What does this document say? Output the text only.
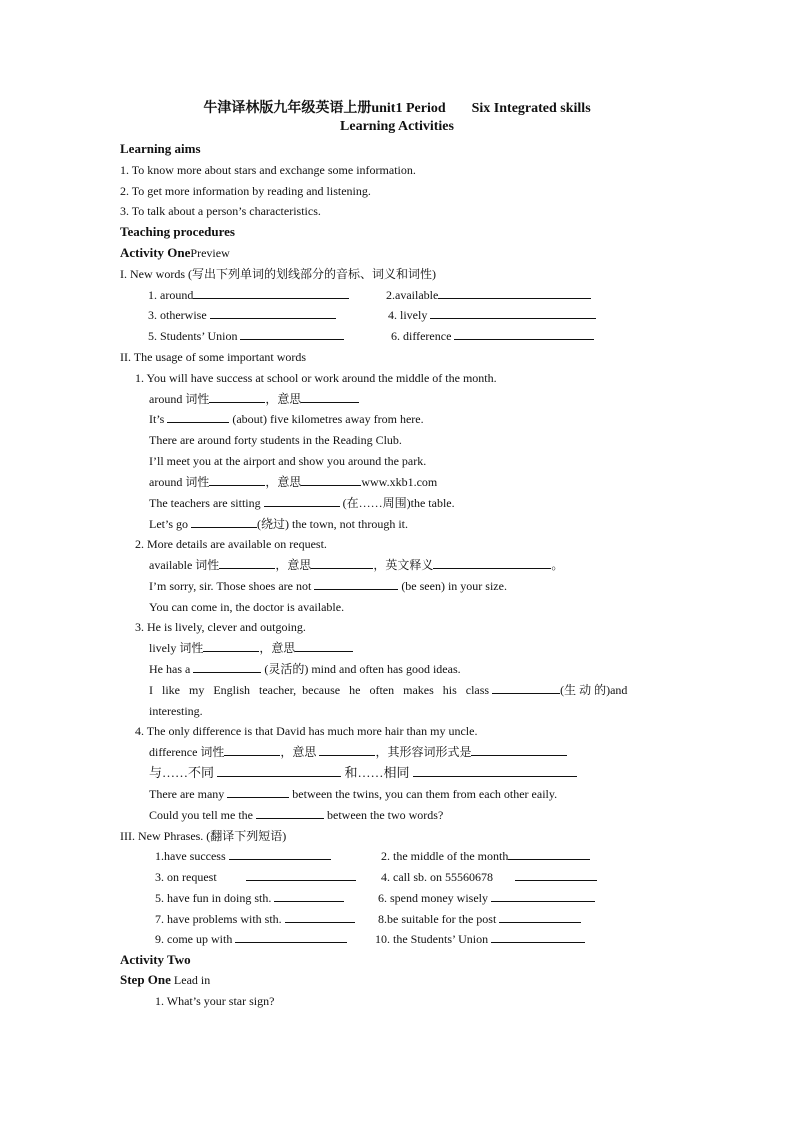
牛津译林版九年级英语上册unit1 Period Six Integrated skills
Learning Activities
Learning aims
1. To know more about stars and exchange some information.
2. To get more information by reading and listening.
3. To talk about a person’s characteristics.
Teaching procedures
Activity OnePreview
I. New words (写出下列单词的划线部分的音标、词义和词性)
1. around	2.available
3. otherwise	4. lively
5. Students’ Union	6. difference
II. The usage of some important words
1. You will have success at school or work around the middle of the month.
around 词性	，意思
It’s	(about) five kilometres away from here.
There are around forty students in the Reading Club.
I’ll meet you at the airport and show you around the park.
around 词性	，意思	www.xkb1.com
The teachers are sitting	(在……周围)the table.
Let’s go	(绕过) the town, not through it.
2. More details are available on request.
available 词性	，意思	，英文释义	。
I’m sorry, sir. Those shoes are not	(be seen) in your size.
You can come in, the doctor is available.
3. He is lively, clever and outgoing.
lively 词性	，意思
He has a	(灵活的) mind and often has good ideas.
I   like   my   English   teacher,  because   he   often   makes   his   class	(生 动 的)and
interesting.
4. The only difference is that David has much more hair than my uncle.
difference 词性	，意思	，其形容词形式是
与……不同	和……相同
There are many	between the twins, you can them from each other eaily.
Could you tell me the	between the two words?
III. New Phrases. (翻译下列短语)
1.have success	2. the middle of the month
3. on request	4. call sb. on 55560678
5. have fun in doing sth.	6. spend money wisely
7. have problems with sth.	8.be suitable for the post
9. come up with	10. the Students’ Union
Activity Two
Step One Lead in
1. What’s your star sign?
